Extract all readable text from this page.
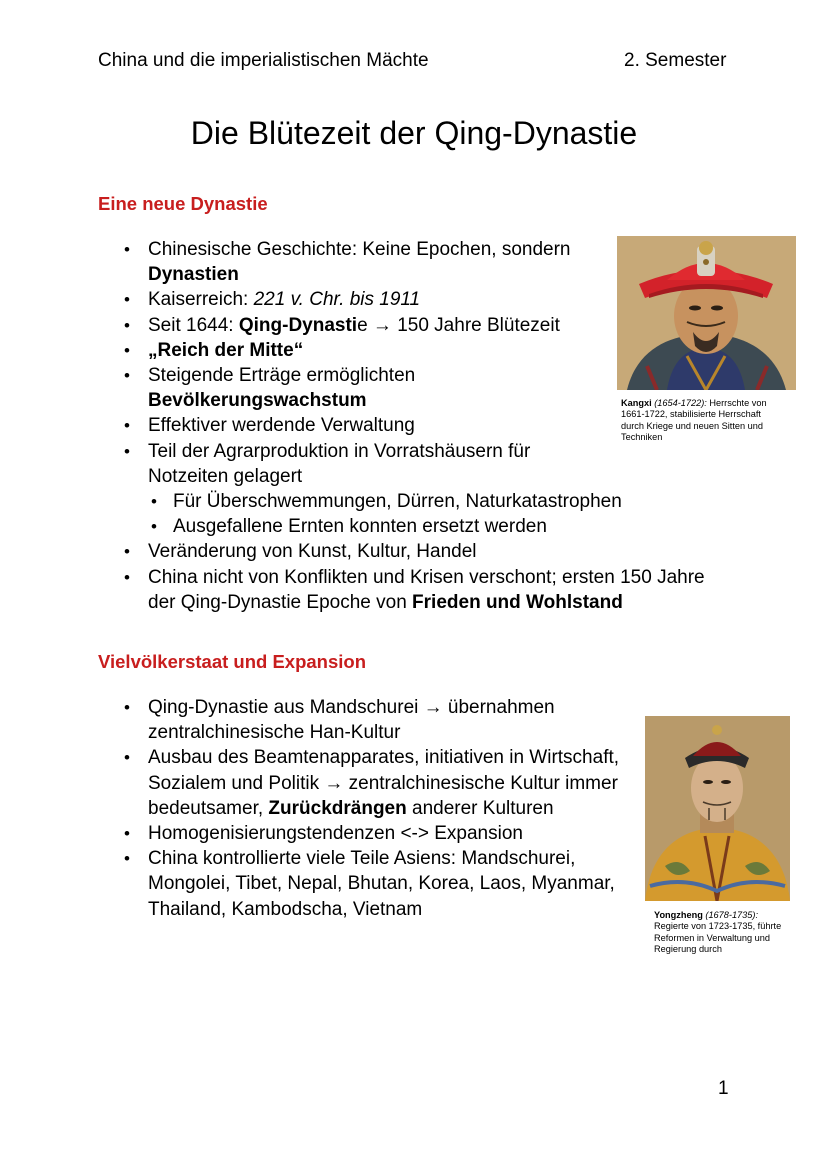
China und die imperialistischen Mächte	2. Semester
Die Blütezeit der Qing-Dynastie
Eine neue Dynastie
• Chinesische Geschichte: Keine Epochen, sondern
Dynastien
• Kaiserreich: 221 v. Chr. bis 1911
• Seit 1644: Qing-Dynastie → 150 Jahre Blütezeit
• „Reich der Mitte“
• Steigende Erträge ermöglichten
Bevölkerungswachstum
• Effektiver werdende Verwaltung
• Teil der Agrarproduktion in Vorratshäusern für
Notzeiten gelagert
• Für Überschwemmungen, Dürren, Naturkatastrophen
• Ausgefallene Ernten konnten ersetzt werden
• Veränderung von Kunst, Kultur, Handel
• China nicht von Konflikten und Krisen verschont; ersten 150 Jahre
der Qing-Dynastie Epoche von Frieden und Wohlstand
Kangxi (1654-1722): Herrschte von 1661-1722, stabilisierte Herrschaft durch Kriege und neuen Sitten und Techniken
Vielvölkerstaat und Expansion
• Qing-Dynastie aus Mandschurei → übernahmen
zentralchinesische Han-Kultur
• Ausbau des Beamtenapparates, initiativen in Wirtschaft,
Sozialem und Politik → zentralchinesische Kultur immer
bedeutsamer, Zurückdrängen anderer Kulturen
• Homogenisierungstendenzen <-> Expansion
• China kontrollierte viele Teile Asiens: Mandschurei,
Mongolei, Tibet, Nepal, Bhutan, Korea, Laos, Myanmar,
Thailand, Kambodscha, Vietnam	Yongzheng (1678-1735): Regierte von 1723-1735, führte Reformen in Verwaltung und Regierung durch
1
